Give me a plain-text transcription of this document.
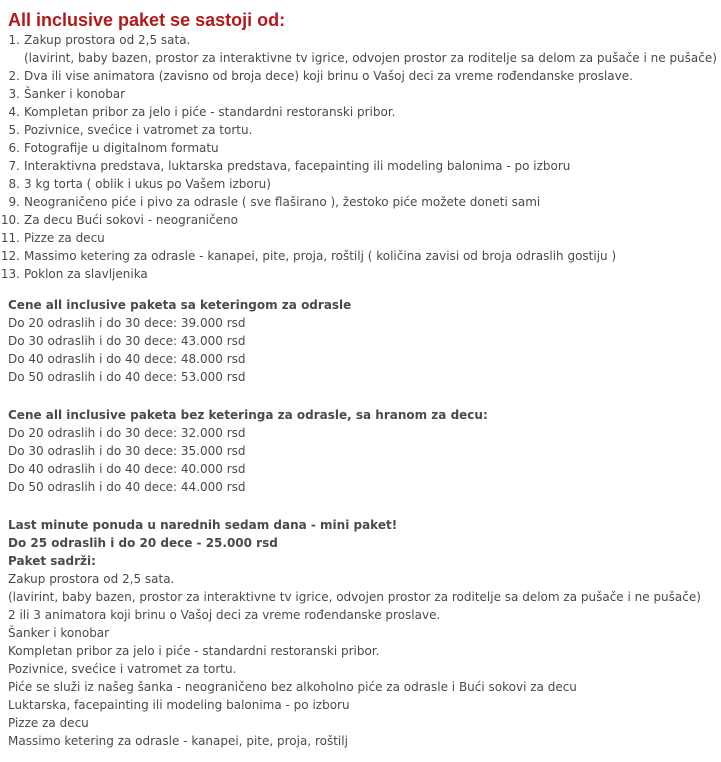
All inclusive paket se sastoji od:
1. Zakup prostora od 2,5 sata.
(lavirint, baby bazen, prostor za interaktivne tv igrice, odvojen prostor za roditelje sa delom za pušače i ne pušače)
2. Dva ili vise animatora (zavisno od broja dece) koji brinu o Vašoj deci za vreme rođendanske proslave.
3. Šanker i konobar
4. Kompletan pribor za jelo i piće - standardni restoranski pribor.
5. Pozivnice, svećice i vatromet za tortu.
6. Fotografije u digitalnom formatu
7. Interaktivna predstava, luktarska predstava, facepainting ili modeling balonima - po izboru
8. 3 kg torta ( oblik i ukus po Vašem izboru)
9. Neograničeno piće i pivo za odrasle ( sve flaširano ), žestoko piće možete doneti sami
10. Za decu Bući sokovi - neograničeno
11. Pizze za decu
12. Massimo ketering za odrasle - kanapei, pite, proja, roštilj ( količina zavisi od broja odraslih gostiju )
13. Poklon za slavljenika
Cene all inclusive paketa sa keteringom za odrasle
Do 20 odraslih i do 30 dece: 39.000 rsd
Do 30 odraslih i do 30 dece: 43.000 rsd
Do 40 odraslih i do 40 dece: 48.000 rsd
Do 50 odraslih i do 40 dece: 53.000 rsd
Cene all inclusive paketa bez keteringa za odrasle, sa hranom za decu:
Do 20 odraslih i do 30 dece: 32.000 rsd
Do 30 odraslih i do 30 dece: 35.000 rsd
Do 40 odraslih i do 40 dece: 40.000 rsd
Do 50 odraslih i do 40 dece: 44.000 rsd
Last minute ponuda u narednih sedam dana - mini paket!
Do 25 odraslih i do 20 dece - 25.000 rsd
Paket sadrži:
Zakup prostora od 2,5 sata.
(lavirint, baby bazen, prostor za interaktivne tv igrice, odvojen prostor za roditelje sa delom za pušače i ne pušače)
2 ili 3 animatora koji brinu o Vašoj deci za vreme rođendanske proslave.
Šanker i konobar
Kompletan pribor za jelo i piće - standardni restoranski pribor.
Pozivnice, svećice i vatromet za tortu.
Piće se služi iz našeg šanka - neograničeno bez alkoholno piće za odrasle i Bući sokovi za decu
Luktarska, facepainting ili modeling balonima - po izboru
Pizze za decu
Massimo ketering za odrasle - kanapei, pite, proja, roštilj
